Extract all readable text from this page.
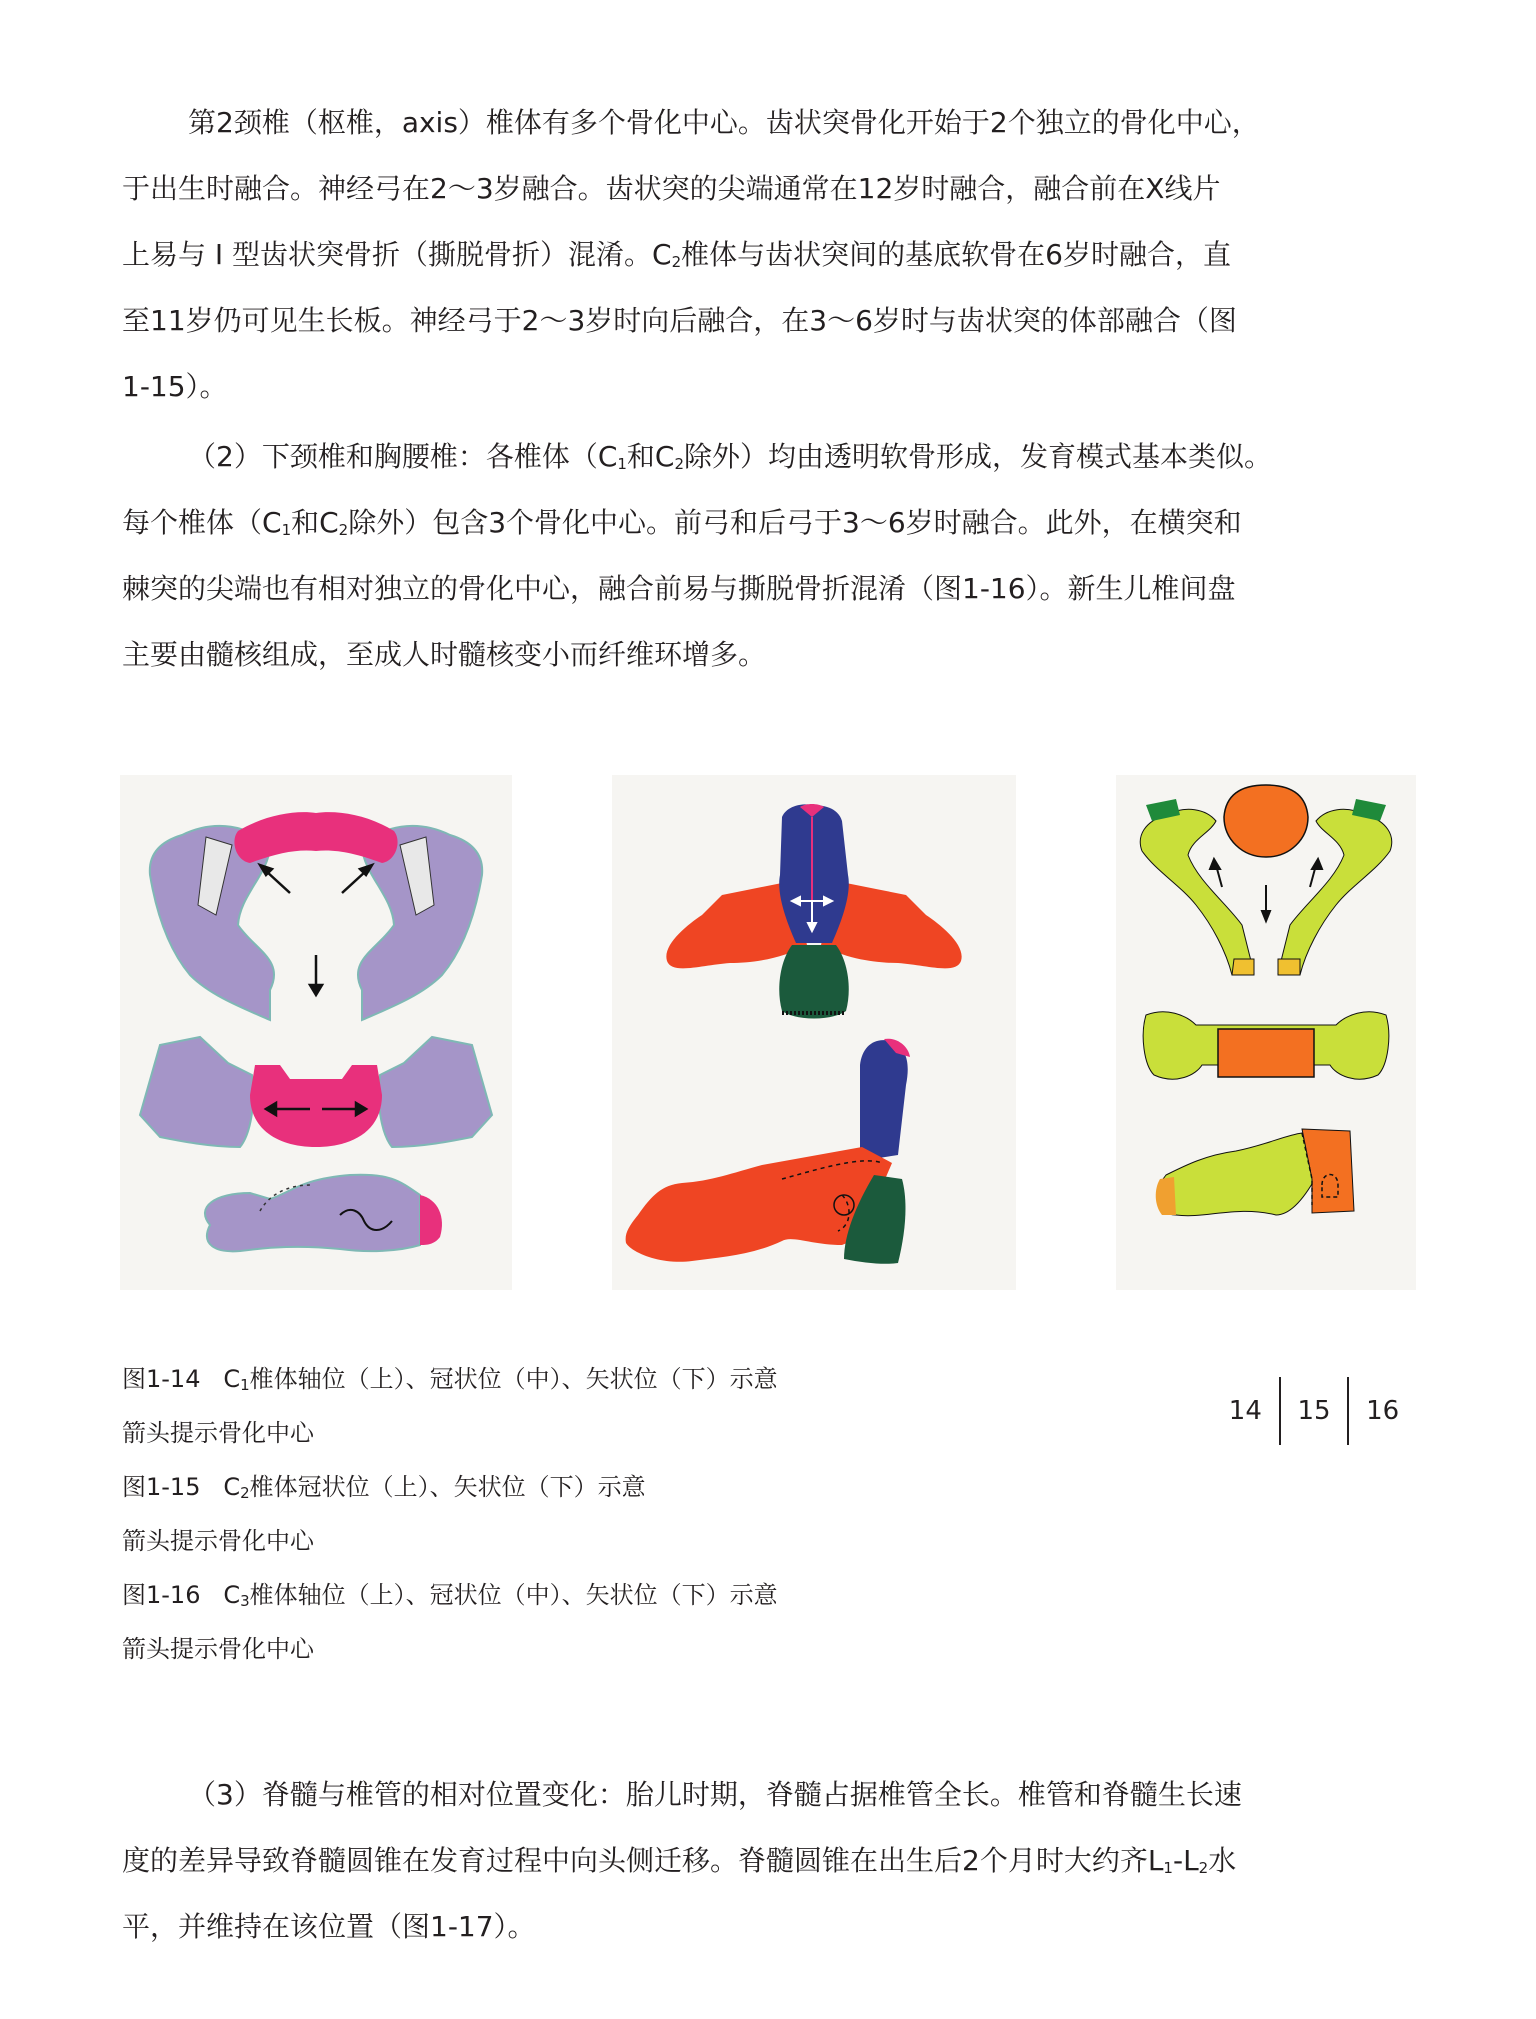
第2颈椎（枢椎，axis）椎体有多个骨化中心。齿状突骨化开始于2个独立的骨化中心，
于出生时融合。神经弓在2～3岁融合。齿状突的尖端通常在12岁时融合，融合前在X线片
上易与 I 型齿状突骨折（撕脱骨折）混淆。$C_2$椎体与齿状突间的基底软骨在6岁时融合，直
至11岁仍可见生长板。神经弓于2～3岁时向后融合，在3～6岁时与齿状突的体部融合（图
1-15）。
（2）下颈椎和胸腰椎：各椎体（$C_1$和$C_2$除外）均由透明软骨形成，发育模式基本类似。
每个椎体（$C_1$和$C_2$除外）包含3个骨化中心。前弓和后弓于3～6岁时融合。此外，在横突和
棘突的尖端也有相对独立的骨化中心，融合前易与撕脱骨折混淆（图1-16）。新生儿椎间盘
主要由髓核组成，至成人时髓核变小而纤维环增多。
图1-14 $C_1$椎体轴位（上）、冠状位（中）、矢状位（下）示意
箭头提示骨化中心
图1-15 $C_2$椎体冠状位（上）、矢状位（下）示意
箭头提示骨化中心
图1-16 $C_3$椎体轴位（上）、冠状位（中）、矢状位（下）示意
箭头提示骨化中心
14	15	16
（3）脊髓与椎管的相对位置变化：胎儿时期，脊髓占据椎管全长。椎管和脊髓生长速
度的差异导致脊髓圆锥在发育过程中向头侧迁移。脊髓圆锥在出生后2个月时大约齐$L_1-L_2$水
平，并维持在该位置（图1-17）。
